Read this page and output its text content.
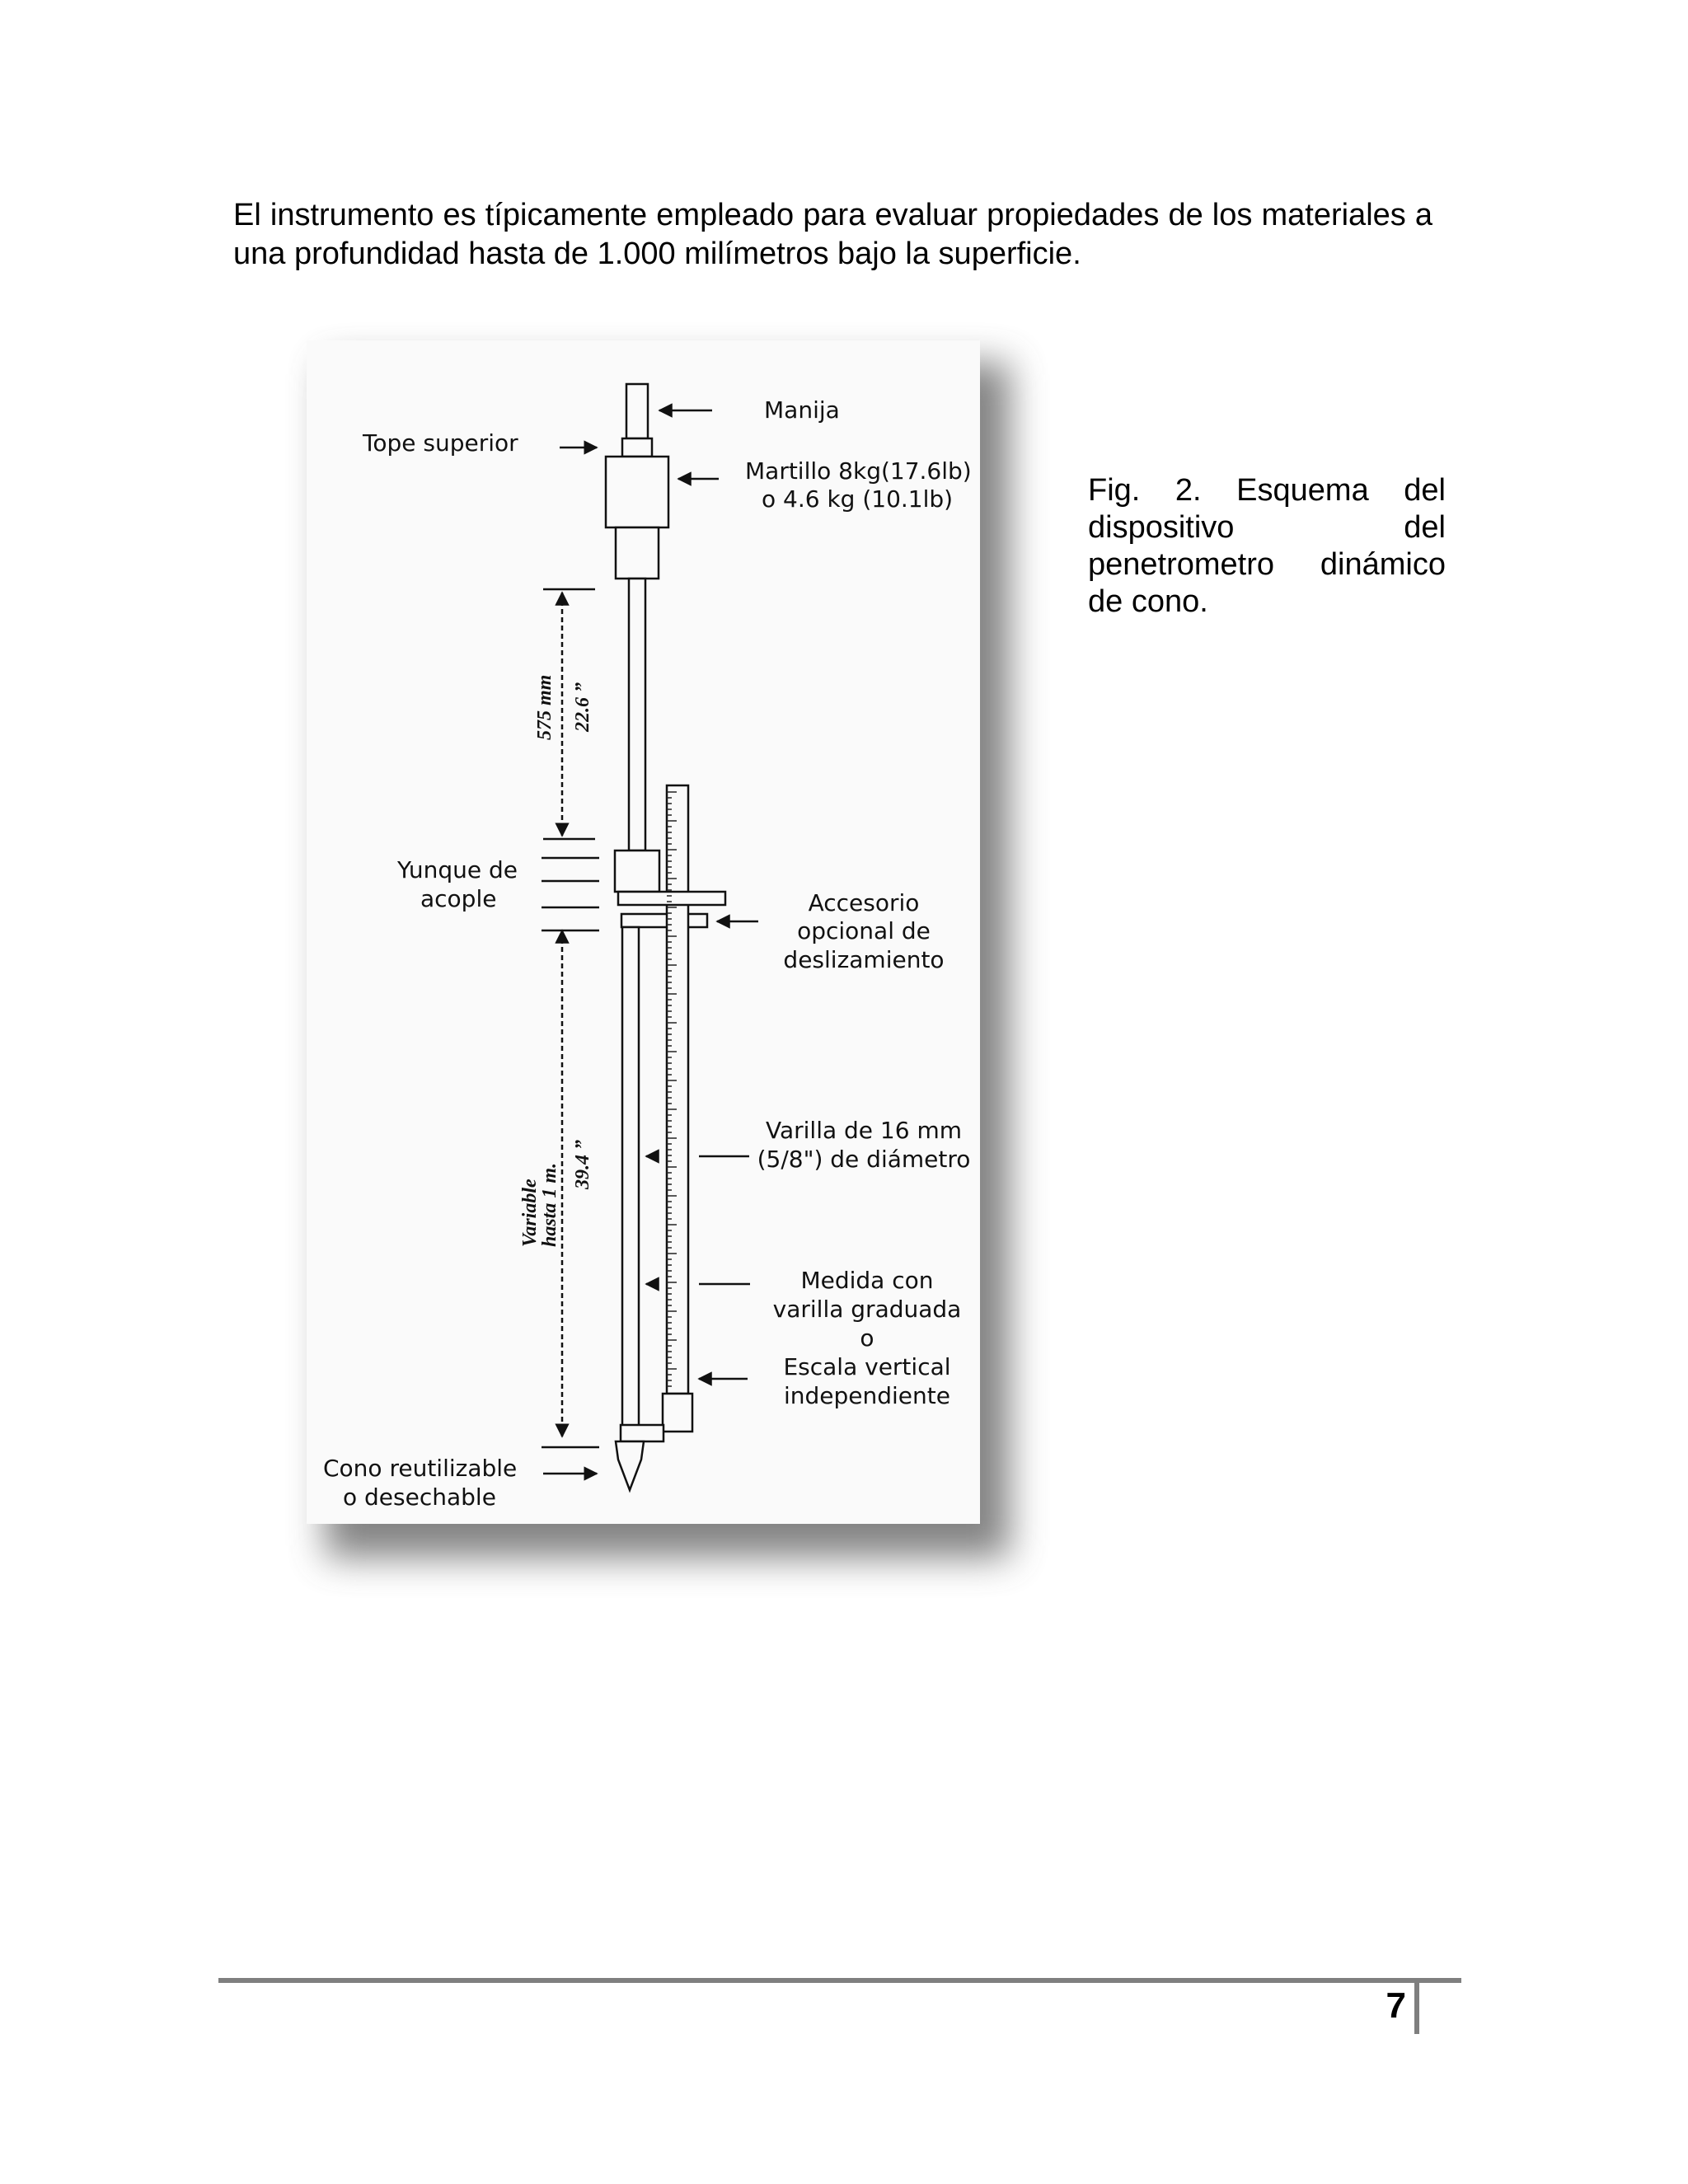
El instrumento es típicamente empleado para evaluar propiedades de los materiales a una profundidad hasta de 1.000 milímetros bajo la superficie.

Manija
Tope superior
Martillo 8kg(17.6lb)
o 4.6 kg (10.1lb)
575 mm 22.6 ”
Yunque de
acople	Accesorio
opcional de
deslizamiento
Varilla de 16 mm
(5/8") de diámetro
Variable
hasta 1 m. 39.4 ”
Medida con
varilla graduada
o
Escala vertical
independiente
Cono reutilizable
o desechable

Fig. 2. Esquema del dispositivo del penetrometro dinámico de cono.

7
